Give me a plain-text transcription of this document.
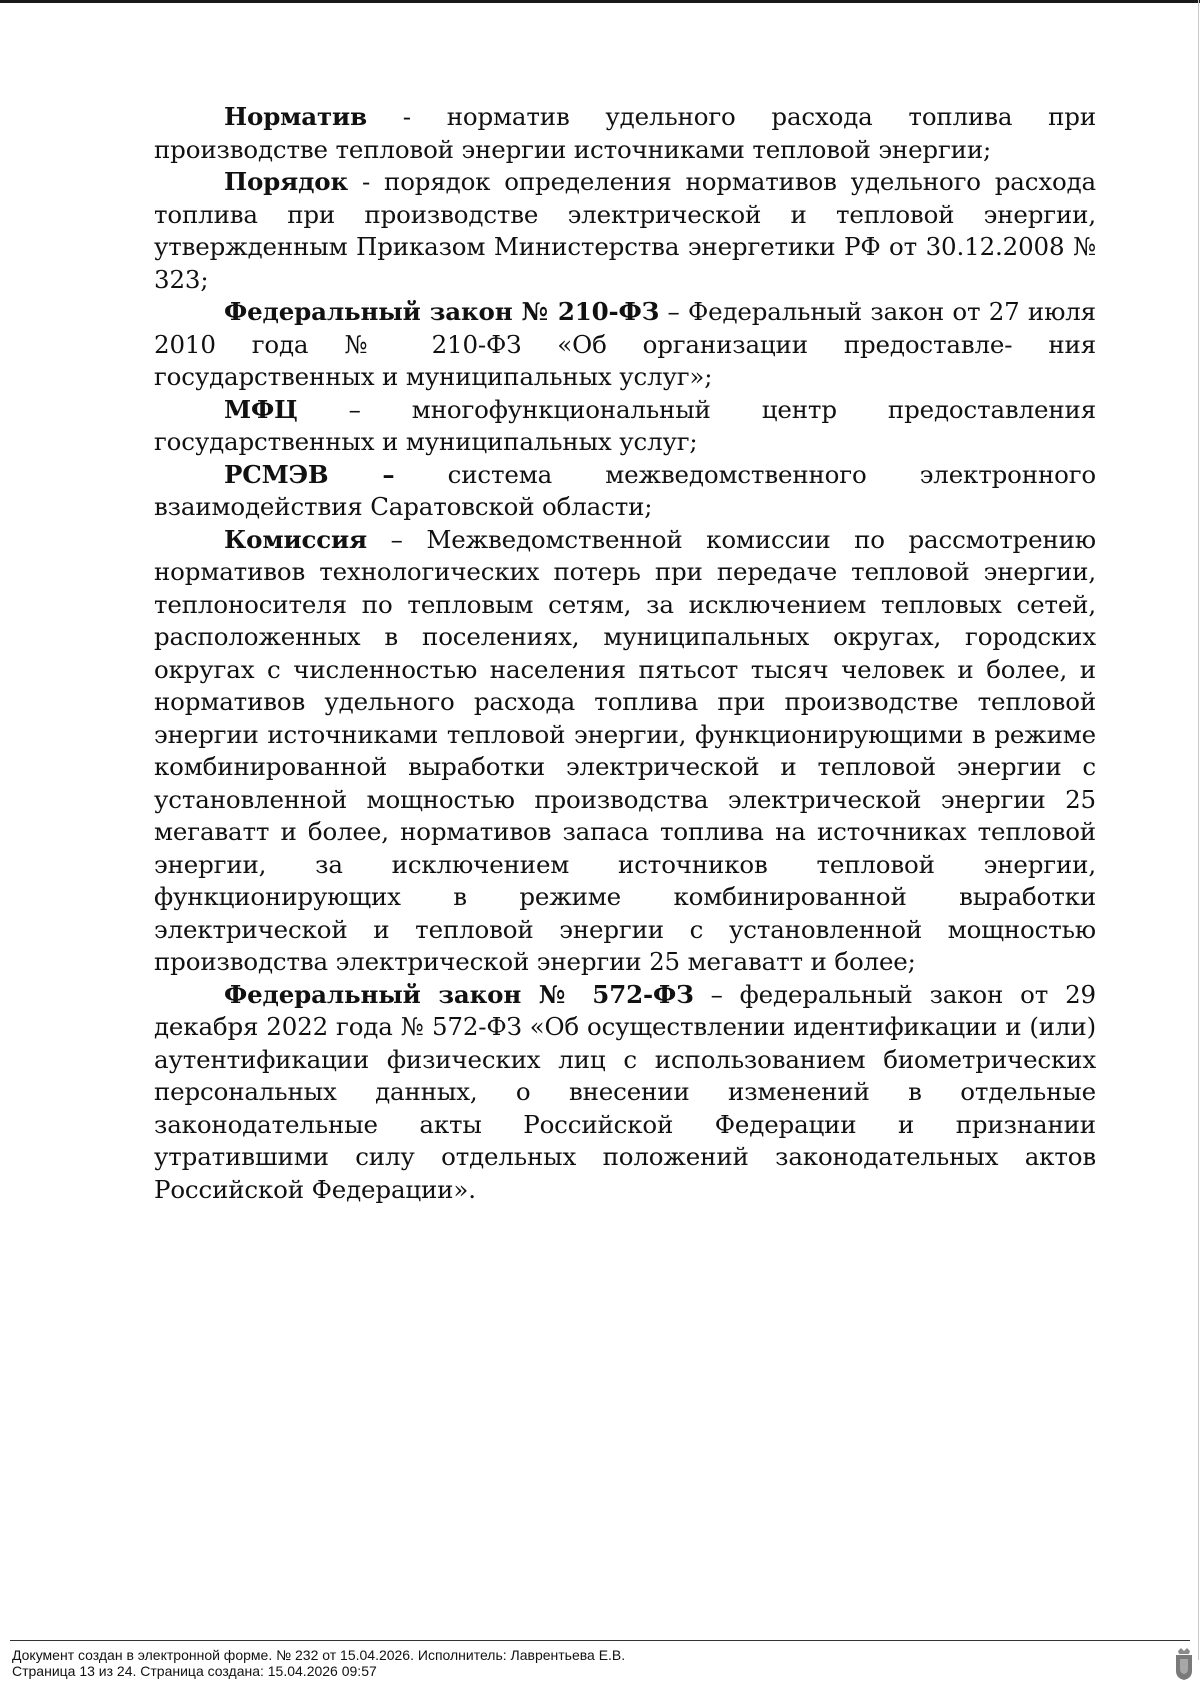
Норматив - норматив удельного расхода топлива при производстве тепловой энергии источниками тепловой энергии;

Порядок - порядок определения нормативов удельного расхода топлива при производстве электрической и тепловой энергии, утвержденным Приказом Министерства энергетики РФ от 30.12.2008 № 323;

Федеральный закон № 210-ФЗ – Федеральный закон от 27 июля 2010 года № 210-ФЗ «Об организации предоставле- ния государственных и муниципальных услуг»;

МФЦ – многофункциональный центр предоставления государственных и муниципальных услуг;

РСМЭВ – система межведомственного электронного взаимодействия Саратовской области;

Комиссия – Межведомственной комиссии по рассмотрению нормативов технологических потерь при передаче тепловой энергии, теплоносителя по тепловым сетям, за исключением тепловых сетей, расположенных в поселениях, муниципальных округах, городских округах с численностью населения пятьсот тысяч человек и более, и нормативов удельного расхода топлива при производстве тепловой энергии источниками тепловой энергии, функционирующими в режиме комбинированной выработки электрической и тепловой энергии с установленной мощностью производства электрической энергии 25 мегаватт и более, нормативов запаса топлива на источниках тепловой энергии, за исключением источников тепловой энергии, функционирующих в режиме комбинированной выработки электрической и тепловой энергии с установленной мощностью производства электрической энергии 25 мегаватт и более;

Федеральный закон № 572-ФЗ – федеральный закон от 29 декабря 2022 года № 572-ФЗ «Об осуществлении идентификации и (или) аутентификации физических лиц с использованием биометрических персональных данных, о внесении изменений в отдельные законодательные акты Российской Федерации и признании утратившими силу отдельных положений законодательных актов Российской Федерации».

Документ создан в электронной форме. № 232 от 15.04.2026. Исполнитель: Лаврентьева Е.В.
Страница 13 из 24. Страница создана: 15.04.2026 09:57
